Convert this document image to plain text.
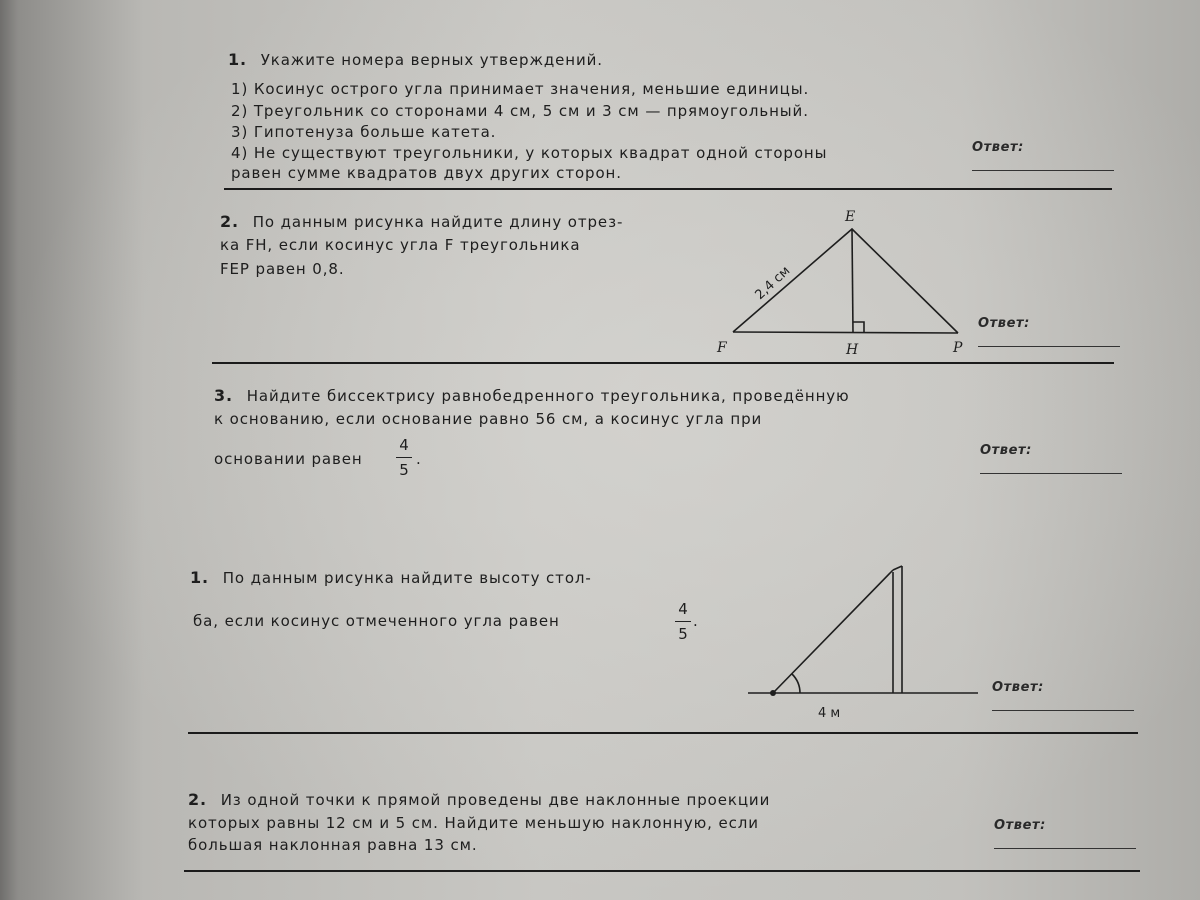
1. Укажите номера верных утверждений.
1) Косинус острого угла принимает значения, меньшие единицы.
2) Треугольник со сторонами 4 см, 5 см и 3 см — прямоугольный.
3) Гипотенуза больше катета.
4) Не существуют треугольники, у которых квадрат одной стороны
равен сумме квадратов двух других сторон.
Ответ:
2. По данным рисунка найдите длину отрез-
ка FH, если косинус угла F треугольника
FEP равен 0,8.
Ответ:
3. Найдите биссектрису равнобедренного треугольника, проведённую
к основанию, если основание равно 56 см, а косинус угла при
основании равен
4
5
.	Ответ:
1. По данным рисунка найдите высоту стол-
ба, если косинус отмеченного угла равен
4
5
.
Ответ:
2. Из одной точки к прямой проведены две наклонные проекции
которых равны 12 см и 5 см. Найдите меньшую наклонную, если
большая наклонная равна 13 см.
Ответ:
E
F	H	P
2,4 см
4 м
